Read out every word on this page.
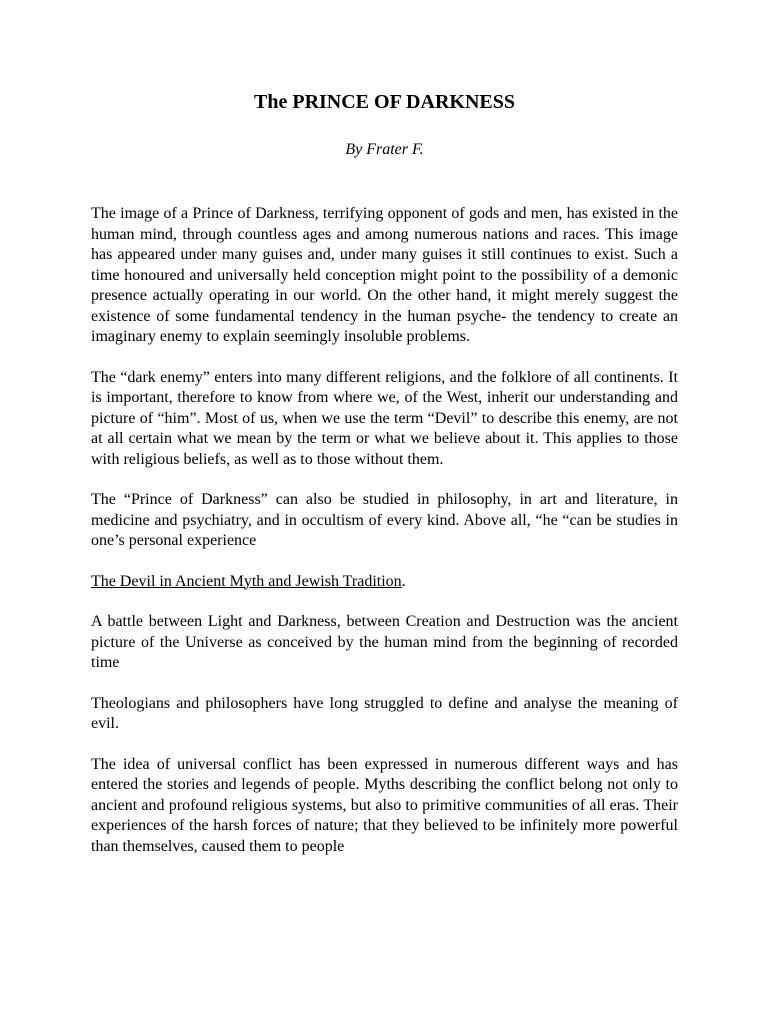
The PRINCE OF DARKNESS

By Frater F.

The image of a Prince of Darkness, terrifying opponent of gods and men, has existed in the human mind, through countless ages and among numerous nations and races. This image has appeared under many guises and, under many guises it still continues to exist. Such a time honoured and universally held conception might point to the possibility of a demonic presence actually operating in our world. On the other hand, it might merely suggest the existence of some fundamental tendency in the human psyche- the tendency to create an imaginary enemy to explain seemingly insoluble problems.

The “dark enemy” enters into many different religions, and the folklore of all continents. It is important, therefore to know from where we, of the West, inherit our understanding and picture of “him”. Most of us, when we use the term “Devil” to describe this enemy, are not at all certain what we mean by the term or what we believe about it. This applies to those with religious beliefs, as well as to those without them.

The “Prince of Darkness” can also be studied in philosophy, in art and literature, in medicine and psychiatry, and in occultism of every kind. Above all, “he “can be studies in one’s personal experience

The Devil in Ancient Myth and Jewish Tradition.

A battle between Light and Darkness, between Creation and Destruction was the ancient picture of the Universe as conceived by the human mind from the beginning of recorded time

Theologians and philosophers have long struggled to define and analyse the meaning of evil.

The idea of universal conflict has been expressed in numerous different ways and has entered the stories and legends of people. Myths describing the conflict belong not only to ancient and profound religious systems, but also to primitive communities of all eras. Their experiences of the harsh forces of nature; that they believed to be infinitely more powerful than themselves, caused them to people
